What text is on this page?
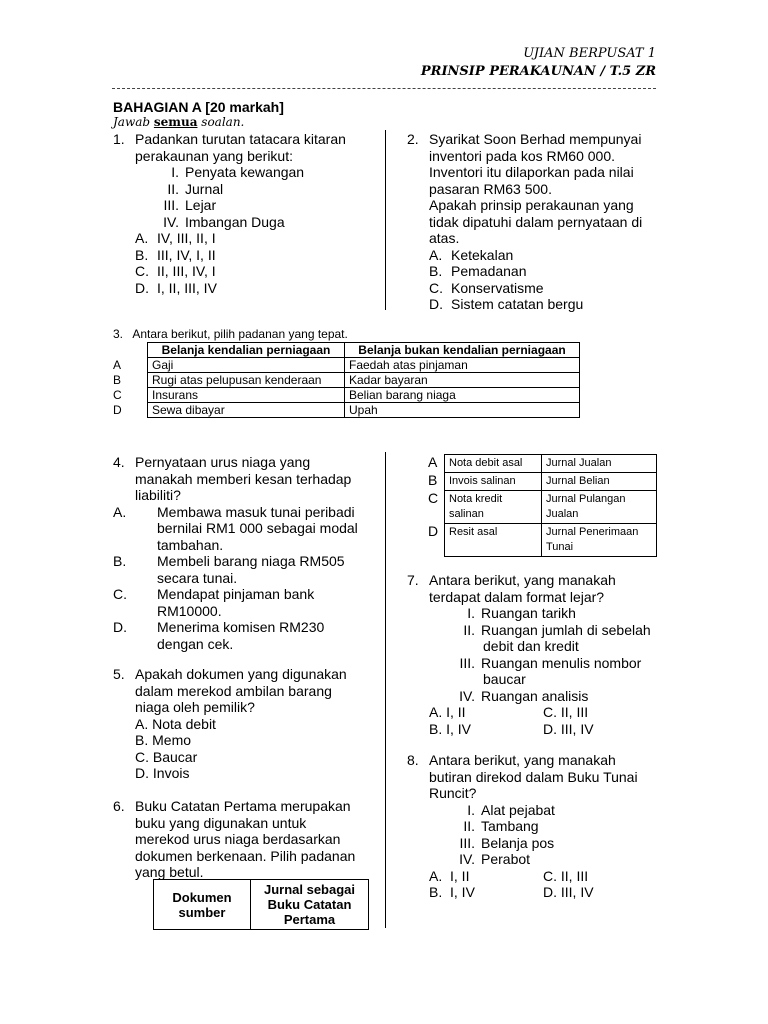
UJIAN BERPUSAT 1
PRINSIP PERAKAUNAN / T.5 ZR
BAHAGIAN A [20 markah]
Jawab semua soalan.
1. Padankan turutan tatacara kitaran perakaunan yang berikut:
I. Penyata kewangan
II. Jurnal
III. Lejar
IV. Imbangan Duga
A. IV, III, II, I
B. III, IV, I, II
C. II, III, IV, I
D. I, II, III, IV
2. Syarikat Soon Berhad mempunyai inventori pada kos RM60 000. Inventori itu dilaporkan pada nilai pasaran RM63 500.
Apakah prinsip perakaunan yang tidak dipatuhi dalam pernyataan di atas.
A. Ketekalan
B. Pemadanan
C. Konservatisme
D. Sistem catatan bergu
3. Antara berikut, pilih padanan yang tepat.
	Belanja kendalian perniagaan	Belanja bukan kendalian perniagaan
A	Gaji	Faedah atas pinjaman
B	Rugi atas pelupusan kenderaan	Kadar bayaran
C	Insurans	Belian barang niaga
D	Sewa dibayar	Upah
4. Pernyataan urus niaga yang manakah memberi kesan terhadap liabiliti?
A. Membawa masuk tunai peribadi bernilai RM1 000 sebagai modal tambahan.
B. Membeli barang niaga RM505 secara tunai.
C. Mendapat pinjaman bank RM10000.
D. Menerima komisen RM230 dengan cek.
5. Apakah dokumen yang digunakan dalam merekod ambilan barang niaga oleh pemilik?
A. Nota debit
B. Memo
C. Baucar
D. Invois
6. Buku Catatan Pertama merupakan buku yang digunakan untuk merekod urus niaga berdasarkan dokumen berkenaan. Pilih padanan yang betul.
Dokumen sumber	Jurnal sebagai Buku Catatan Pertama
A	Nota debit asal	Jurnal Jualan
B	Invois salinan	Jurnal Belian
C	Nota kredit salinan	Jurnal Pulangan Jualan
D	Resit asal	Jurnal Penerimaan Tunai
7. Antara berikut, yang manakah terdapat dalam format lejar?
I. Ruangan tarikh
II. Ruangan jumlah di sebelah debit dan kredit
III. Ruangan menulis nombor baucar
IV. Ruangan analisis
A. I, II	C. II, III
B. I, IV	D. III, IV
8. Antara berikut, yang manakah butiran direkod dalam Buku Tunai Runcit?
I. Alat pejabat
II. Tambang
III. Belanja pos
IV. Perabot
A.  I, II	C. II, III
B.  I, IV	D. III, IV
